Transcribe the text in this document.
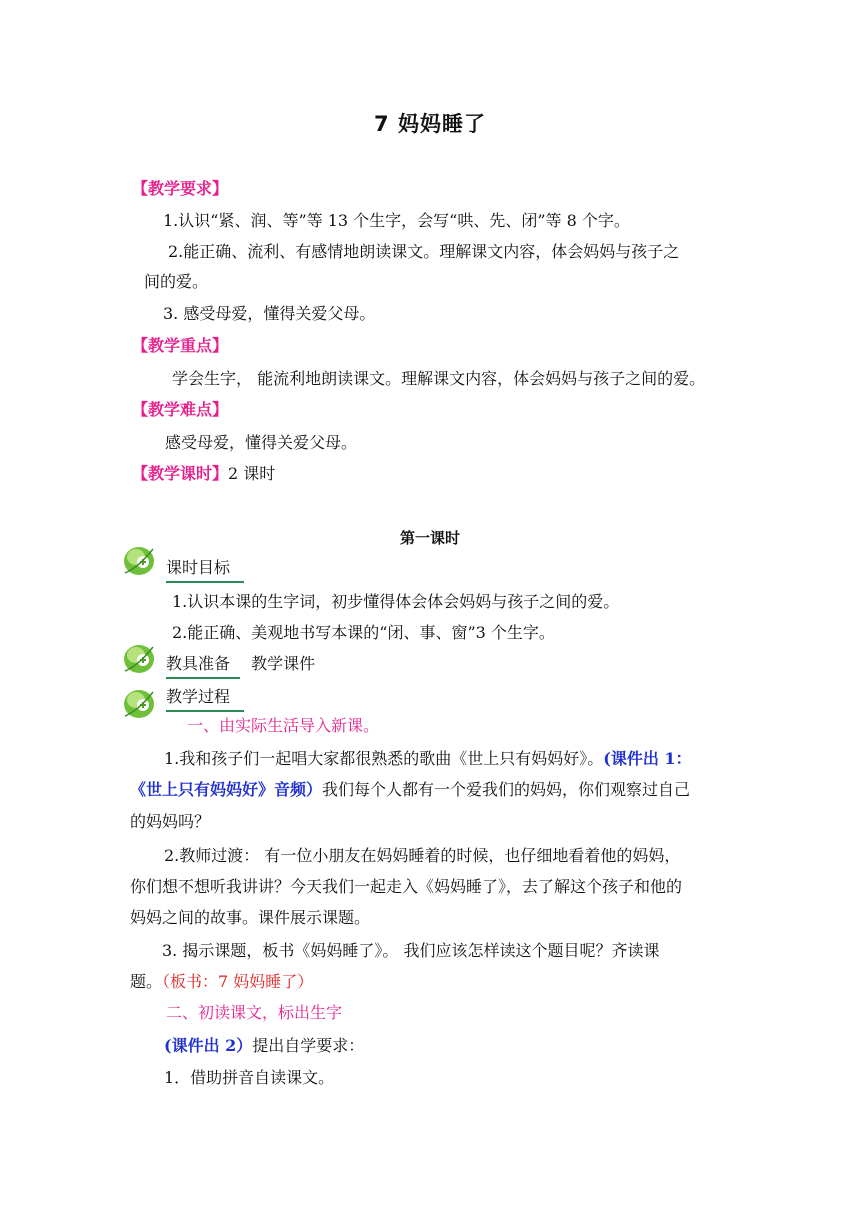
7 妈妈睡了
【教学要求】
1.认识“紧、润、等”等 13 个生字，会写“哄、先、闭”等 8 个字。
2.能正确、流利、有感情地朗读课文。理解课文内容，体会妈妈与孩子之
间的爱。
3. 感受母爱，懂得关爱父母。
【教学重点】
学会生字， 能流利地朗读课文。理解课文内容，体会妈妈与孩子之间的爱。
【教学难点】
感受母爱，懂得关爱父母。
【教学课时】2 课时
第一课时
课时目标
1.认识本课的生字词，初步懂得体会体会妈妈与孩子之间的爱。
2.能正确、美观地书写本课的“闭、事、窗”3 个生字。
教具准备 教学课件
教学过程
一、由实际生活导入新课。
1.我和孩子们一起唱大家都很熟悉的歌曲《世上只有妈妈好》。(课件出 1：
《世上只有妈妈好》音频）我们每个人都有一个爱我们的妈妈，你们观察过自己
的妈妈吗？
2.教师过渡： 有一位小朋友在妈妈睡着的时候，也仔细地看着他的妈妈，
你们想不想听我讲讲？今天我们一起走入《妈妈睡了》，去了解这个孩子和他的
妈妈之间的故事。课件展示课题。
3. 揭示课题，板书《妈妈睡了》。 我们应该怎样读这个题目呢？齐读课
题。（板书：7 妈妈睡了）
二、初读课文，标出生字
(课件出 2）提出自学要求：
1．借助拼音自读课文。
